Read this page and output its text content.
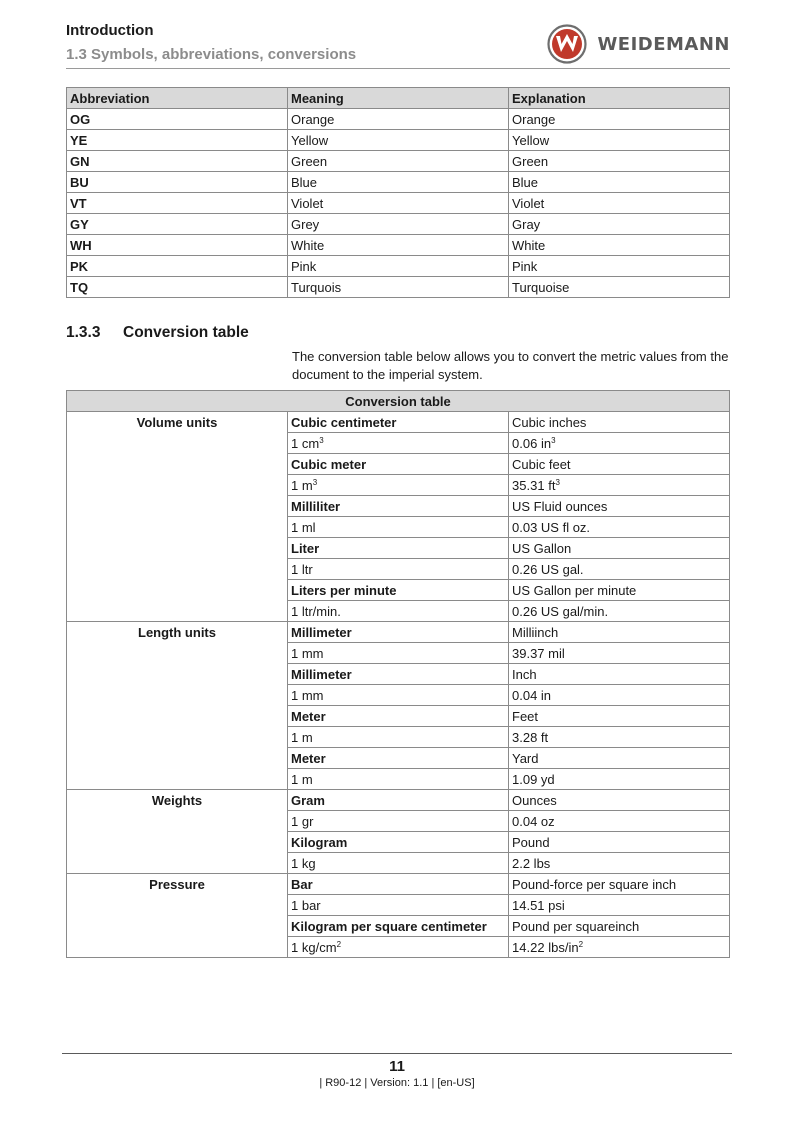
Introduction
1.3 Symbols, abbreviations, conversions	WEIDEMANN
Abbreviation	Meaning	Explanation
OG	Orange	Orange
YE	Yellow	Yellow
GN	Green	Green
BU	Blue	Blue
VT	Violet	Violet
GY	Grey	Gray
WH	White	White
PK	Pink	Pink
TQ	Turquois	Turquoise
1.3.3 Conversion table
The conversion table below allows you to convert the metric values from the document to the imperial system.
Conversion table		
Volume units	Cubic centimeter	Cubic inches
	1 $cm^3$	0.06 $in^3$
	Cubic meter	Cubic feet
	1 $m^3$	35.31 $ft^3$
	Milliliter	US Fluid ounces
	1 ml	0.03 US fl oz.
	Liter	US Gallon
	1 ltr	0.26 US gal.
	Liters per minute	US Gallon per minute
	1 ltr/min.	0.26 US gal/min.
Length units	Millimeter	Milliinch
	1 mm	39.37 mil
	Millimeter	Inch
	1 mm	0.04 in
	Meter	Feet
	1 m	3.28 ft
	Meter	Yard
	1 m	1.09 yd
Weights	Gram	Ounces
	1 gr	0.04 oz
	Kilogram	Pound
	1 kg	2.2 lbs
Pressure	Bar	Pound-force per square inch
	1 bar	14.51 psi
	Kilogram per square centimeter	Pound per squareinch
	1 $kg/cm^2$	14.22 lbs/$in^2$
11
| R90-12 | Version: 1.1 | [en-US]
